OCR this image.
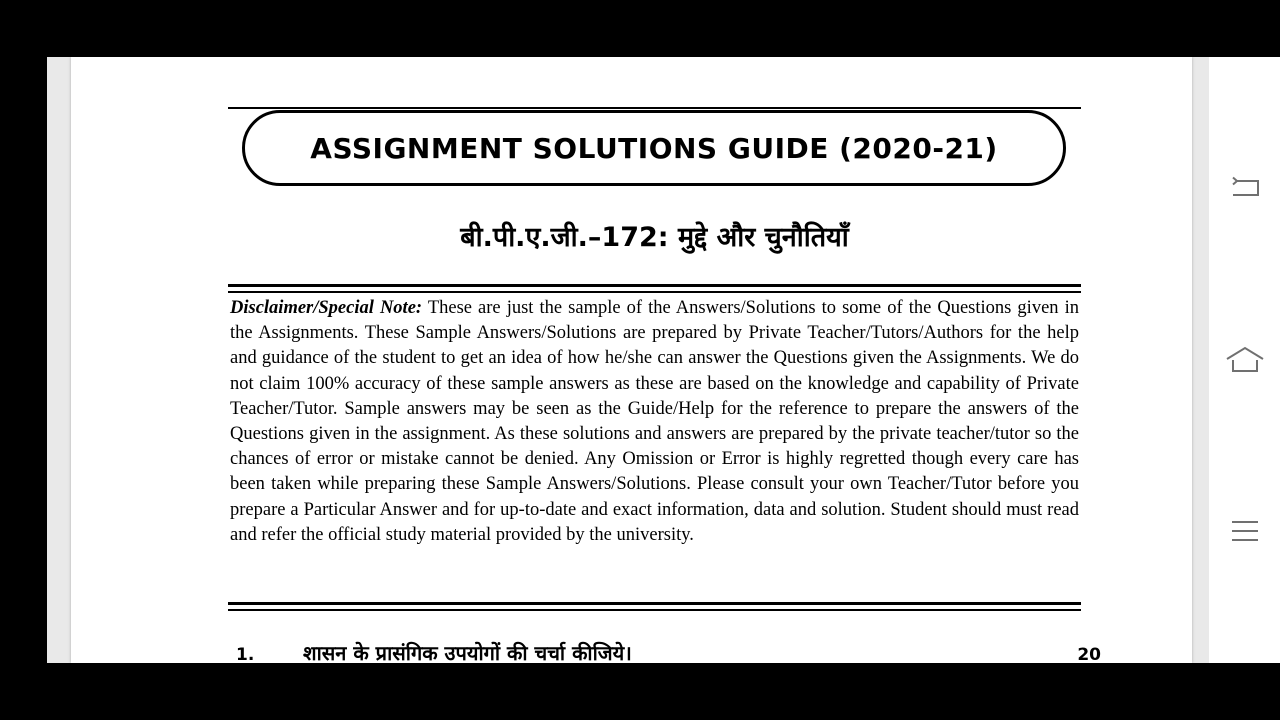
ASSIGNMENT SOLUTIONS GUIDE (2020-21)
बी.पी.ए.जी.–172: मुद्दे और चुनौतियाँ
Disclaimer/Special Note: These are just the sample of the Answers/Solutions to some of the Questions given in the Assignments. These Sample Answers/Solutions are prepared by Private Teacher/Tutors/Authors for the help and guidance of the student to get an idea of how he/she can answer the Questions given the Assignments. We do not claim 100% accuracy of these sample answers as these are based on the knowledge and capability of Private Teacher/Tutor. Sample answers may be seen as the Guide/Help for the reference to prepare the answers of the Questions given in the assignment. As these solutions and answers are prepared by the private teacher/tutor so the chances of error or mistake cannot be denied. Any Omission or Error is highly regretted though every care has been taken while preparing these Sample Answers/Solutions. Please consult your own Teacher/Tutor before you prepare a Particular Answer and for up-to-date and exact information, data and solution. Student should must read and refer the official study material provided by the university.
1. शासन के प्रासंगिक उपयोगों की चर्चा कीजिये।	20
